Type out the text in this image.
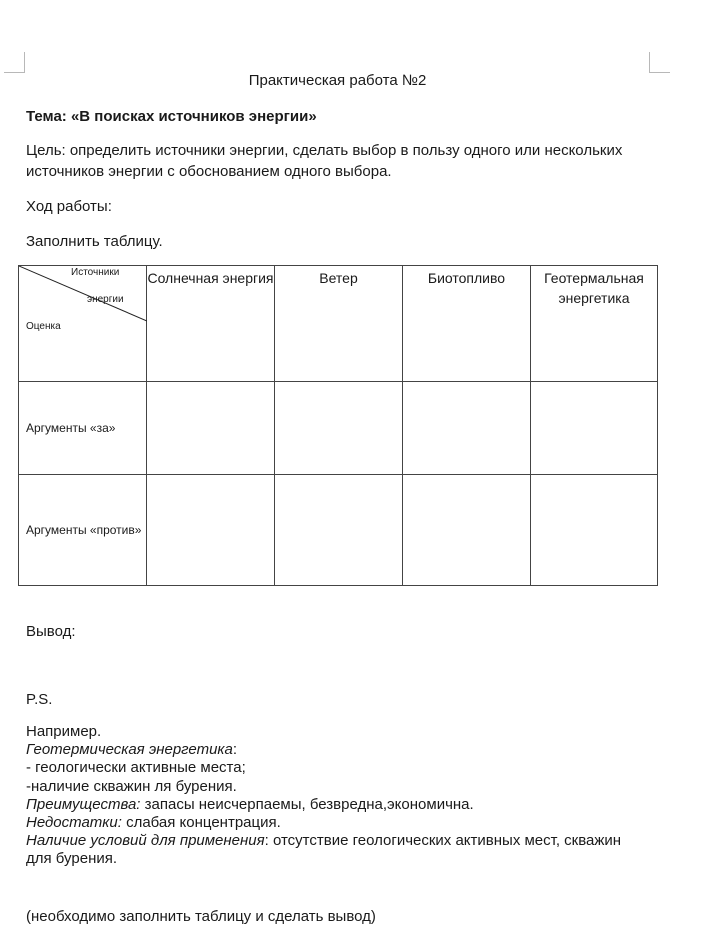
Практическая работа №2
Тема: «В поисках источников энергии»
Цель: определить источники энергии, сделать выбор в пользу одного или нескольких источников энергии с обоснованием одного выбора.
Ход работы:
Заполнить таблицу.
Источники
энергии
Оценка	Солнечная энергия	Ветер	Биотопливо	Геотермальная энергетика
Аргументы «за»				
Аргументы «против»				
Вывод:
P.S.
Например.
Геотермическая энергетика:
- геологически активные места;
-наличие скважин ля бурения.
Преимущества: запасы неисчерпаемы, безвредна,экономична.
Недостатки: слабая концентрация.
Наличие условий для применения: отсутствие геологических активных мест, скважин для бурения.
(необходимо заполнить таблицу и сделать вывод)
